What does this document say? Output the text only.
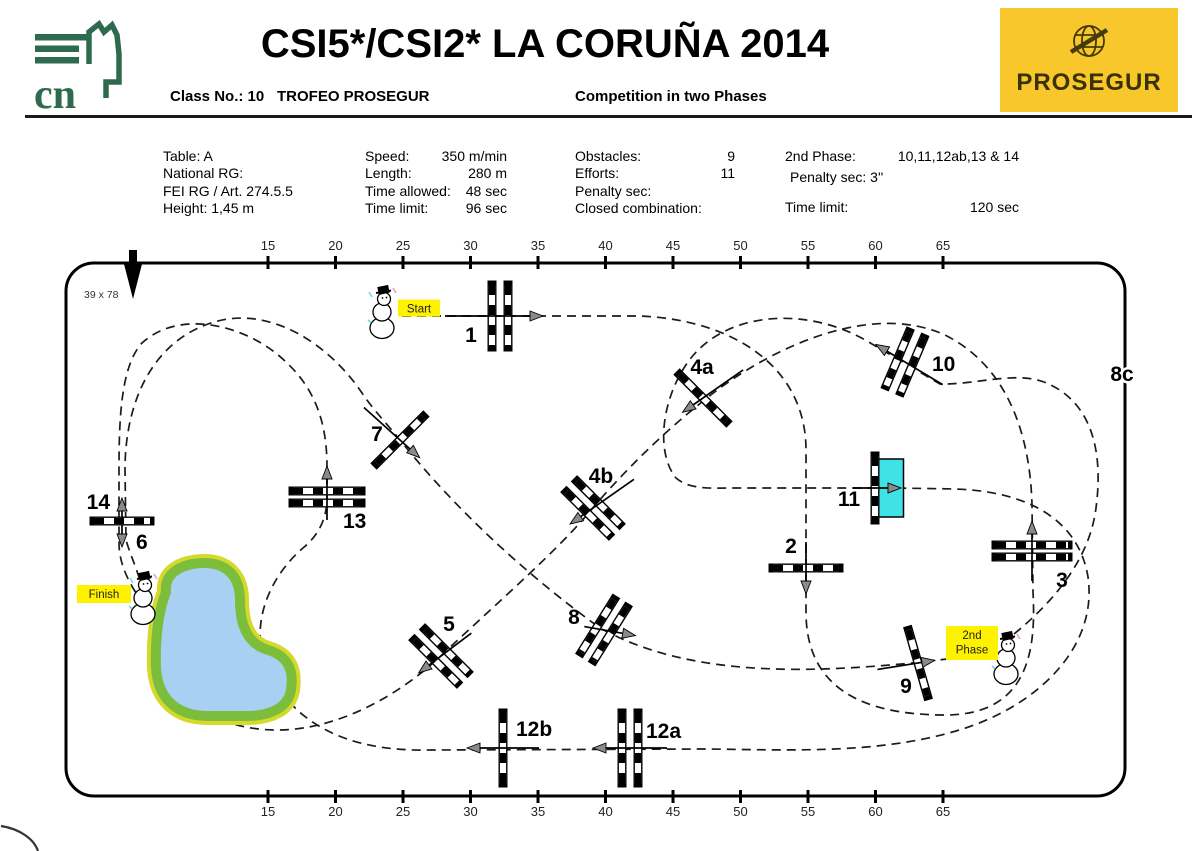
cn
CSI5*/CSI2* LA CORUÑA 2014
Class No.: 10 TROFEO PROSEGUR	Competition in two Phases
PROSEGUR
Table: A
National RG:
FEI RG / Art. 274.5.5
Height: 1,45 m
Speed: 350 m/min
Length:	280 m
Time allowed: 48 sec
Time limit:	96 sec
Obstacles:	9
Efforts:	11
Penalty sec:
Closed combination:
2nd Phase:	10,11,12ab,13 & 14
Penalty sec: 3''
Time limit:	120 sec
15
15
20
20
25
25
30
30
35
35
40
40
45
45
50
50
55
55
60
60
65
65
39 x 78
8c
1
2
3
4a
4b
5
6
7
8
9
10
11
12a
12b
13
14
Start
Finish
2nd
Phase
